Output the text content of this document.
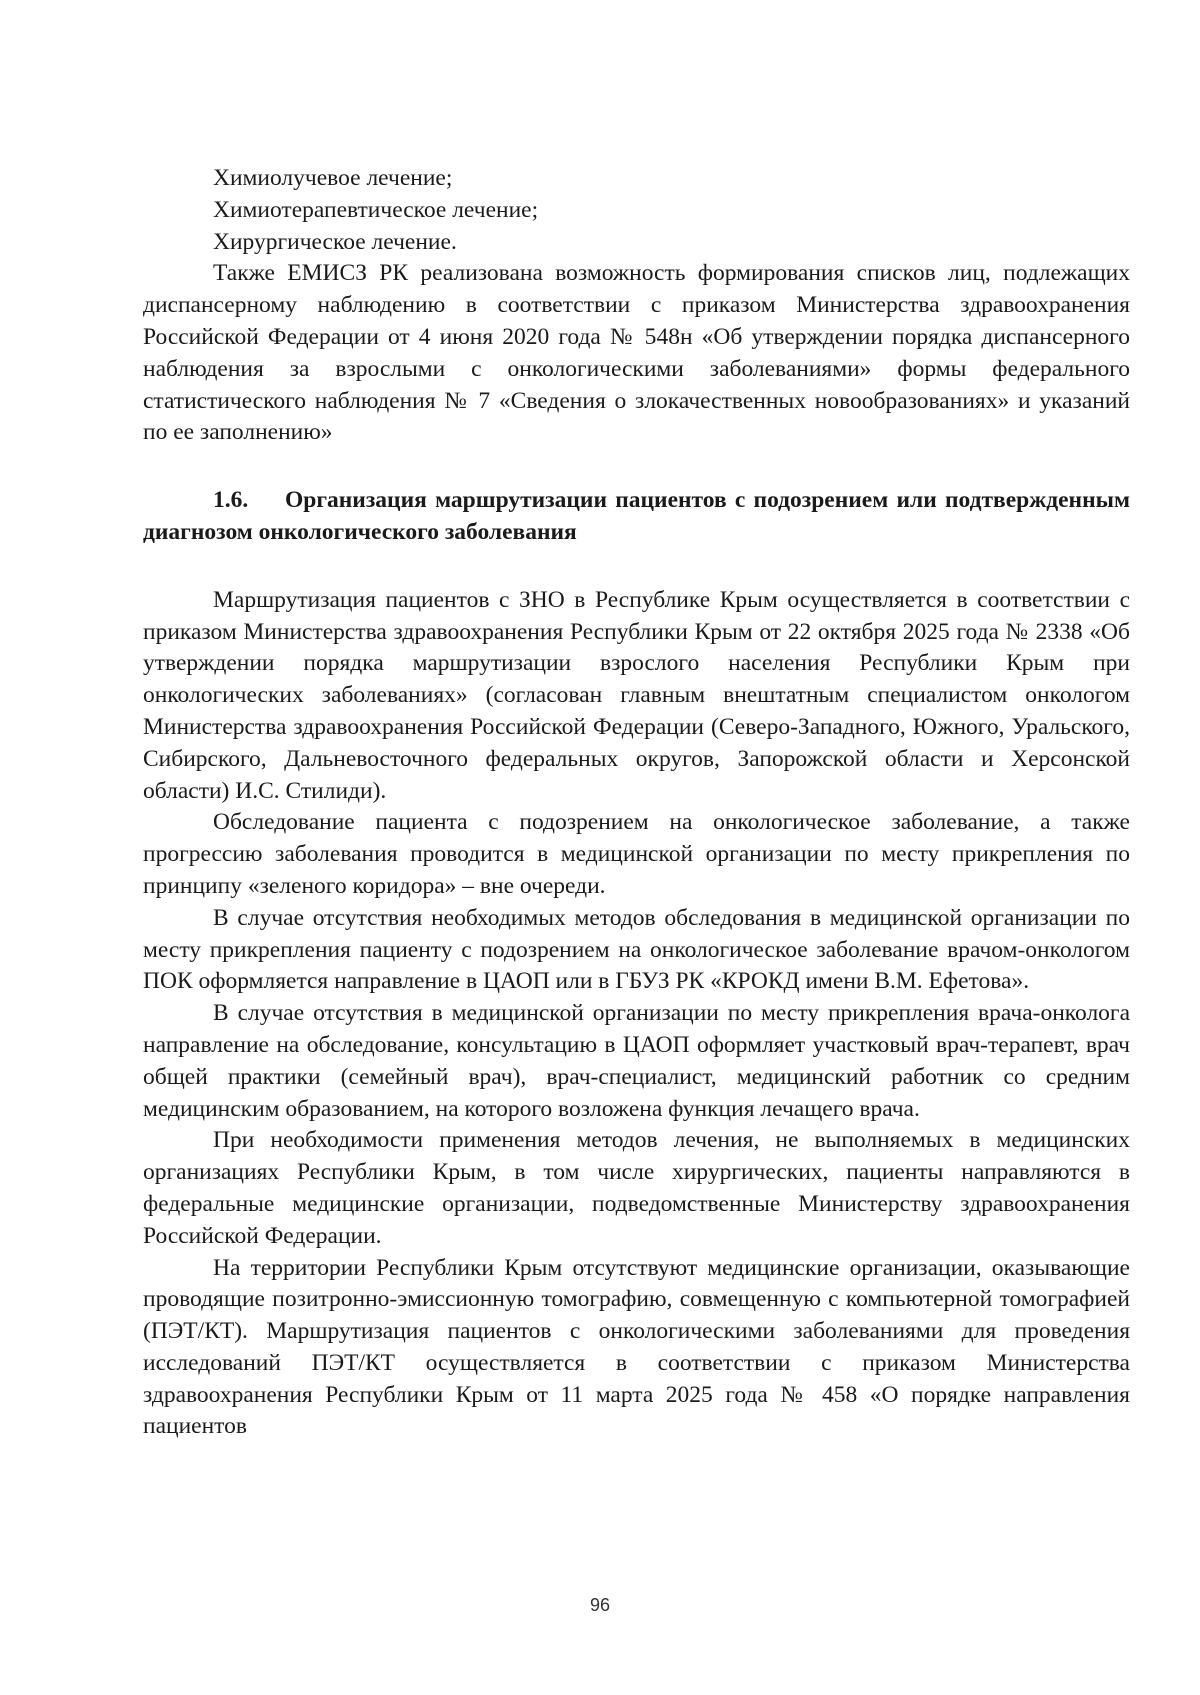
Химиолучевое лечение;

Химиотерапевтическое лечение;

Хирургическое лечение.

Также ЕМИСЗ РК реализована возможность формирования списков лиц, подлежащих диспансерному наблюдению в соответствии с приказом Министерства здравоохранения Российской Федерации от 4 июня 2020 года № 548н «Об утверждении порядка диспансерного наблюдения за взрослыми с онкологическими заболеваниями» формы федерального статистического наблюдения № 7 «Сведения о злокачественных новообразованиях» и указаний по ее заполнению»

1.6. Организация маршрутизации пациентов с подозрением или подтвержденным диагнозом онкологического заболевания

Маршрутизация пациентов с ЗНО в Республике Крым осуществляется в соответствии с приказом Министерства здравоохранения Республики Крым от 22 октября 2025 года № 2338 «Об утверждении порядка маршрутизации взрослого населения Республики Крым при онкологических заболеваниях» (согласован главным внештатным специалистом онкологом Министерства здравоохранения Российской Федерации (Северо-Западного, Южного, Уральского, Сибирского, Дальневосточного федеральных округов, Запорожской области и Херсонской области) И.С. Стилиди).

Обследование пациента с подозрением на онкологическое заболевание, а также прогрессию заболевания проводится в медицинской организации по месту прикрепления по принципу «зеленого коридора» – вне очереди.

В случае отсутствия необходимых методов обследования в медицинской организации по месту прикрепления пациенту с подозрением на онкологическое заболевание врачом-онкологом ПОК оформляется направление в ЦАОП или в ГБУЗ РК «КРОКД имени В.М. Ефетова».

В случае отсутствия в медицинской организации по месту прикрепления врача-онколога направление на обследование, консультацию в ЦАОП оформляет участковый врач-терапевт, врач общей практики (семейный врач), врач-специалист, медицинский работник со средним медицинским образованием, на которого возложена функция лечащего врача.

При необходимости применения методов лечения, не выполняемых в медицинских организациях Республики Крым, в том числе хирургических, пациенты направляются в федеральные медицинские организации, подведомственные Министерству здравоохранения Российской Федерации.

На территории Республики Крым отсутствуют медицинские организации, оказывающие проводящие позитронно-эмиссионную томографию, совмещенную с компьютерной томографией (ПЭТ/КТ). Маршрутизация пациентов с онкологическими заболеваниями для проведения исследований ПЭТ/КТ осуществляется в соответствии с приказом Министерства здравоохранения Республики Крым от 11 марта 2025 года № 458 «О порядке направления пациентов

96
